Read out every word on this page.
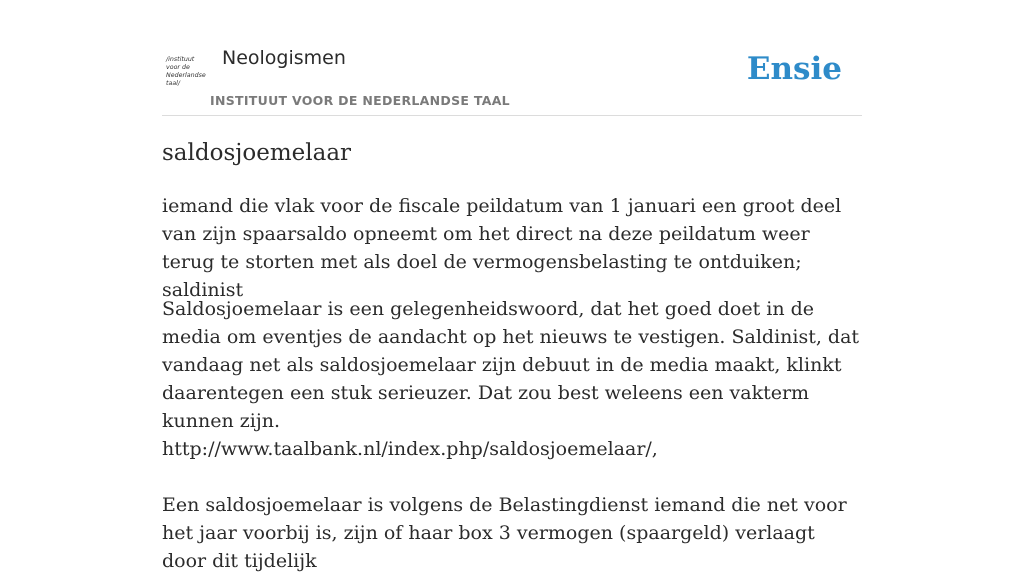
/instituut
voor de
Nederlandse
taal/
Neologismen
INSTITUUT VOOR DE NEDERLANDSE TAAL
Ensie
saldosjoemelaar
iemand die vlak voor de fiscale peildatum van 1 januari een groot deel van zijn spaarsaldo opneemt om het direct na deze peildatum weer terug te storten met als doel de vermogensbelasting te ontduiken; saldinist

Saldosjoemelaar is een gelegenheidswoord, dat het goed doet in de media om eventjes de aandacht op het nieuws te vestigen. Saldinist, dat vandaag net als saldosjoemelaar zijn debuut in de media maakt, klinkt daarentegen een stuk serieuzer. Dat zou best weleens een vakterm kunnen zijn.

http://www.taalbank.nl/index.php/saldosjoemelaar/,

Een saldosjoemelaar is volgens de Belastingdienst iemand die net voor het jaar voorbij is, zijn of haar box 3 vermogen (spaargeld) verlaagt door dit tijdelijk
